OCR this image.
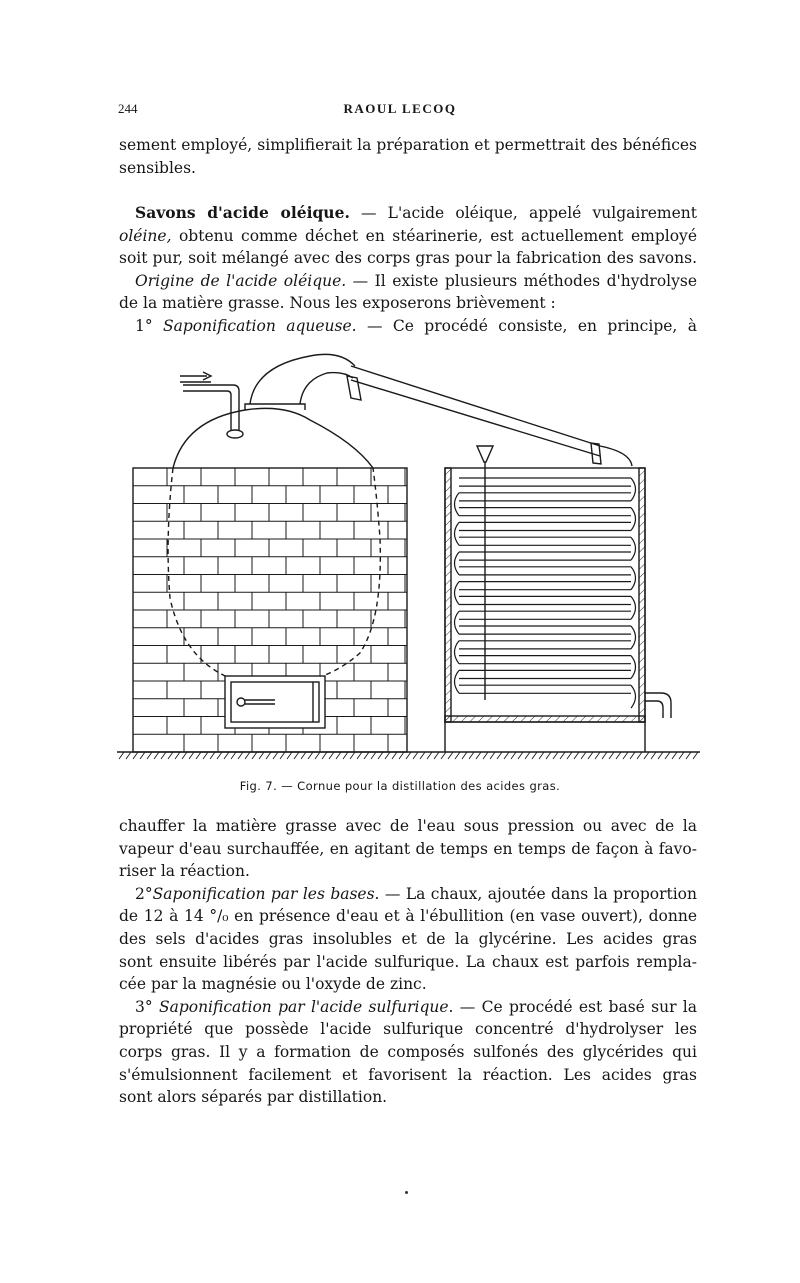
244	RAOUL LECOQ

sement employé, simplifierait la préparation et permettrait des bénéfices

sensibles.

Savons d'acide oléique. — L'acide oléique, appelé vulgairement

oléine, obtenu comme déchet en stéarinerie, est actuellement employé

soit pur, soit mélangé avec des corps gras pour la fabrication des savons.

Origine de l'acide oléique. — Il existe plusieurs méthodes d'hydrolyse

de la matière grasse. Nous les exposerons brièvement :

1° Saponification aqueuse. — Ce procédé consiste, en principe, à

Fig. 7. — Cornue pour la distillation des acides gras.

chauffer la matière grasse avec de l'eau sous pression ou avec de la

vapeur d'eau surchauffée, en agitant de temps en temps de façon à favo-

riser la réaction.

2°Saponification par les bases. — La chaux, ajoutée dans la proportion

de 12 à 14 °/₀ en présence d'eau et à l'ébullition (en vase ouvert), donne

des sels d'acides gras insolubles et de la glycérine. Les acides gras

sont ensuite libérés par l'acide sulfurique. La chaux est parfois rempla-

cée par la magnésie ou l'oxyde de zinc.

3° Saponification par l'acide sulfurique. — Ce procédé est basé sur la

propriété que possède l'acide sulfurique concentré d'hydrolyser les

corps gras. Il y a formation de composés sulfonés des glycérides qui

s'émulsionnent facilement et favorisent la réaction. Les acides gras

sont alors séparés par distillation.
